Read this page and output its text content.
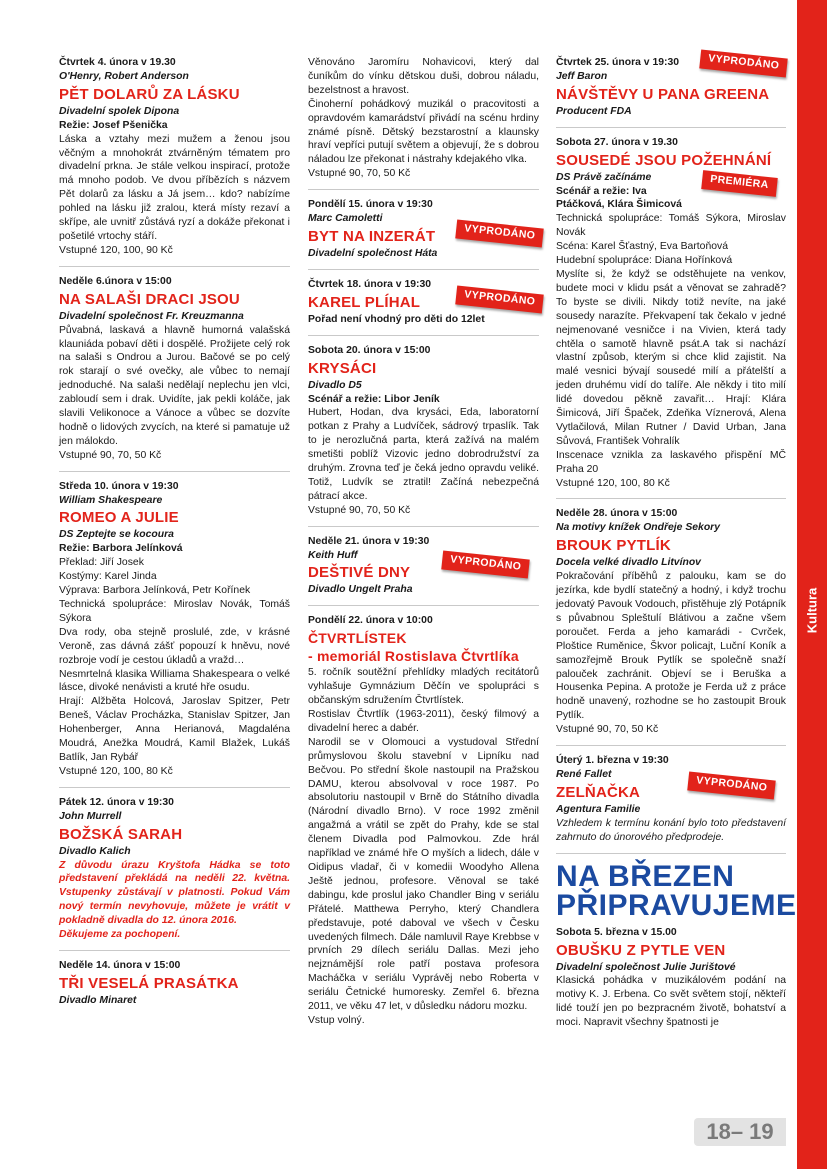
Čtvrtek 4. února v 19.30
O'Henry, Robert Anderson
PĚT DOLARŮ ZA LÁSKU
Divadelní spolek Dipona
Režie: Josef Pšenička
Láska a vztahy mezi mužem a ženou jsou věčným a mnohokrát ztvárněným tématem pro divadelní prkna. Je stále velkou inspirací, protože má mnoho podob. Ve dvou příbězích s názvem Pět dolarů za lásku a Já jsem… kdo? nabízíme pohled na lásku již zralou, která místy rezaví a skřípe, ale uvnitř zůstává ryzí a dokáže překonat i pošetilé vrtochy stáří.
Vstupné 120, 100, 90 Kč
Neděle 6.února v 15:00
NA SALAŠI DRACI JSOU
Divadelní společnost Fr. Kreuzmanna
Půvabná, laskavá a hlavně humorná valašská klauniáda pobaví děti i dospělé. Prožijete celý rok na salaši s Ondrou a Jurou. Bačové se po celý rok starají o své ovečky, ale vůbec to nemají jednoduché. Na salaši nedělají neplechu jen vlci, zabloudí sem i drak. Uvidíte, jak pekli koláče, jak slavili Velikonoce a Vánoce a vůbec se dozvíte hodně o lidových zvycích, na které si pamatuje už jen málokdo.
Vstupné 90, 70, 50 Kč
Středa 10. února v 19:30
William Shakespeare
ROMEO A JULIE
DS Zeptejte se kocoura
Režie: Barbora Jelínková
Překlad: Jiří Josek
Kostýmy: Karel Jinda
Výprava: Barbora Jelínková, Petr Kořínek
Technická spolupráce: Miroslav Novák, Tomáš Sýkora
Dva rody, oba stejně proslulé, zde, v krásné Veroně, zas dávná zášť popouzí k hněvu, nové rozbroje vodí je cestou úkladů a vražd…
Nesmrtelná klasika Williama Shakespeara o velké lásce, divoké nenávisti a kruté hře osudu.
Hrají: Alžběta Holcová, Jaroslav Spitzer, Petr Beneš, Václav Procházka, Stanislav Spitzer, Jan Hohenberger, Anna Herianová, Magdaléna Moudrá, Anežka Moudrá, Kamil Blažek, Lukáš Batlík, Jan Rybář
Vstupné 120, 100, 80 Kč
Pátek 12. února v 19:30
John Murrell
BOŽSKÁ SARAH
Divadlo Kalich
Z důvodu úrazu Kryštofa Hádka se toto představení překládá na neděli 22. května. Vstupenky zůstávají v platnosti. Pokud Vám nový termín nevyhovuje, můžete je vrátit v pokladně divadla do 12. února 2016.
Děkujeme za pochopení.
Neděle 14. února v 15:00
TŘI VESELÁ PRASÁTKA
Divadlo Minaret
Věnováno Jaromíru Nohavicovi, který dal čuníkům do vínku dětskou duši, dobrou náladu, bezelstnost a hravost.
Činoherní pohádkový muzikál o pracovitosti a opravdovém kamarádství přivádí na scénu hrdiny známé písně. Dětský bezstarostní a klaunsky hraví vepříci putují světem a objevují, že s dobrou náladou lze překonat i nástrahy kdejakého vlka.
Vstupné 90, 70, 50 Kč
Pondělí 15. února v 19:30
Marc Camoletti
BYT NA INZERÁT
Divadelní společnost Háta
VYPRODÁNO
Čtvrtek 18. února v 19:30
KAREL PLÍHAL
Pořad není vhodný pro děti do 12let
VYPRODÁNO
Sobota 20. února v 15:00
KRYSÁCI
Divadlo D5
Scénář a režie: Libor Jeník
Hubert, Hodan, dva krysáci, Eda, laboratorní potkan z Prahy a Ludvíček, sádrový trpaslík. Tak to je nerozlučná parta, která zažívá na malém smetišti poblíž Vizovic jedno dobrodružství za druhým. Zrovna teď je čeká jedno opravdu veliké. Totiž, Ludvík se ztratil! Začíná nebezpečná pátrací akce.
Vstupné 90, 70, 50 Kč
Neděle 21. února v 19:30
Keith Huff
DEŠTIVÉ DNY
Divadlo Ungelt Praha
VYPRODÁNO
Pondělí 22. února v 10:00
ČTVRTLÍSTEK
- memoriál Rostislava Čtvrtlíka
5. ročník soutěžní přehlídky mladých recitátorů vyhlašuje Gymnázium Děčín ve spolupráci s občanským sdružením Čtvrtlístek.
Rostislav Čtvrtlík (1963-2011), český filmový a divadelní herec a dabér.
Narodil se v Olomouci a vystudoval Střední průmyslovou školu stavební v Lipníku nad Bečvou. Po střední škole nastoupil na Pražskou DAMU, kterou absolvoval v roce 1987. Po absolutoriu nastoupil v Brně do Státního divadla (Národní divadlo Brno). V roce 1992 změnil angažmá a vrátil se zpět do Prahy, kde se stal členem Divadla pod Palmovkou. Zde hrál například ve známé hře O myších a lidech, dále v Oidipus vladař, či v komedii Woodyho Allena Ještě jednou, profesore. Věnoval se také dabingu, kde proslul jako Chandler Bing v seriálu Přátelé. Matthewa Perryho, který Chandlera představuje, poté daboval ve všech v Česku uvedených filmech. Dále namluvil Raye Krebbse v prvních 29 dílech seriálu Dallas. Mezi jeho nejznámější role patří postava profesora Macháčka v seriálu Vyprávěj nebo Roberta v seriálu Četnické humoresky. Zemřel 6. března 2011, ve věku 47 let, v důsledku nádoru mozku.
Vstup volný.
Čtvrtek 25. února v 19:30
Jeff Baron
NÁVŠTĚVY U PANA GREENA
Producent FDA
VYPRODÁNO
Sobota 27. února v 19.30
SOUSEDÉ JSOU POŽEHNÁNÍ
DS Právě začínáme
Scénář a režie: Iva
Ptáčková, Klára Šimicová
Technická spolupráce: Tomáš Sýkora, Miroslav Novák
Scéna: Karel Šťastný, Eva Bartoňová
Hudební spolupráce: Diana Hořínková
Myslíte si, že když se odstěhujete na venkov, budete moci v klidu psát a věnovat se zahradě?To byste se divili. Nikdy totiž nevíte, na jaké sousedy narazíte. Překvapení tak čekalo v jedné nejmenované vesničce i na Vivien, která tady chtěla o samotě hlavně psát.A tak si nachází vlastní způsob, kterým si chce klid zajistit. Na malé vesnici bývají sousedé milí a přátelští a jeden druhému vidí do talíře. Ale někdy i tito milí lidé dovedou pěkně zavařit… Hrají: Klára Šimicová, Jiří Špaček, Zdeňka Víznerová, Alena Vytlačilová, Milan Rutner / David Urban, Jana Sůvová, František Vohralík
Inscenace vznikla za laskavého přispění MČ Praha 20
Vstupné 120, 100, 80 Kč
PREMIÉRA
Neděle 28. února v 15:00
Na motivy knížek Ondřeje Sekory
BROUK PYTLÍK
Docela velké divadlo Litvínov
Pokračování příběhů z palouku, kam se do jezírka, kde bydlí statečný a hodný, i když trochu jedovatý Pavouk Vodouch, přistěhuje zlý Potápník s půvabnou Spleštulí Blátivou a začne všem poroučet. Ferda a jeho kamarádi - Cvrček, Ploštice Ruměnice, Škvor policajt, Luční Koník a samozřejmě Brouk Pytlík se společně snaží palouček zachránit. Objeví se i Beruška a Housenka Pepina. A protože je Ferda už z práce hodně unavený, rozhodne se ho zastoupit Brouk Pytlík.
Vstupné 90, 70, 50 Kč
Úterý 1. března v 19:30
René Fallet
ZELŇAČKA
Agentura Familie
Vzhledem k termínu konání bylo toto představení zahrnuto do únorového předprodeje.
VYPRODÁNO
NA BŘEZEN
PŘIPRAVUJEME
Sobota 5. března v 15.00
OBUŠKU Z PYTLE VEN
Divadelní společnost Julie Jurištové
Klasická pohádka v muzikálovém podání na motivy K. J. Erbena. Co svět světem stojí, někteří lidé touží jen po bezpracném životě, bohatství a moci. Napravit všechny špatnosti je
Kultura
18– 19
